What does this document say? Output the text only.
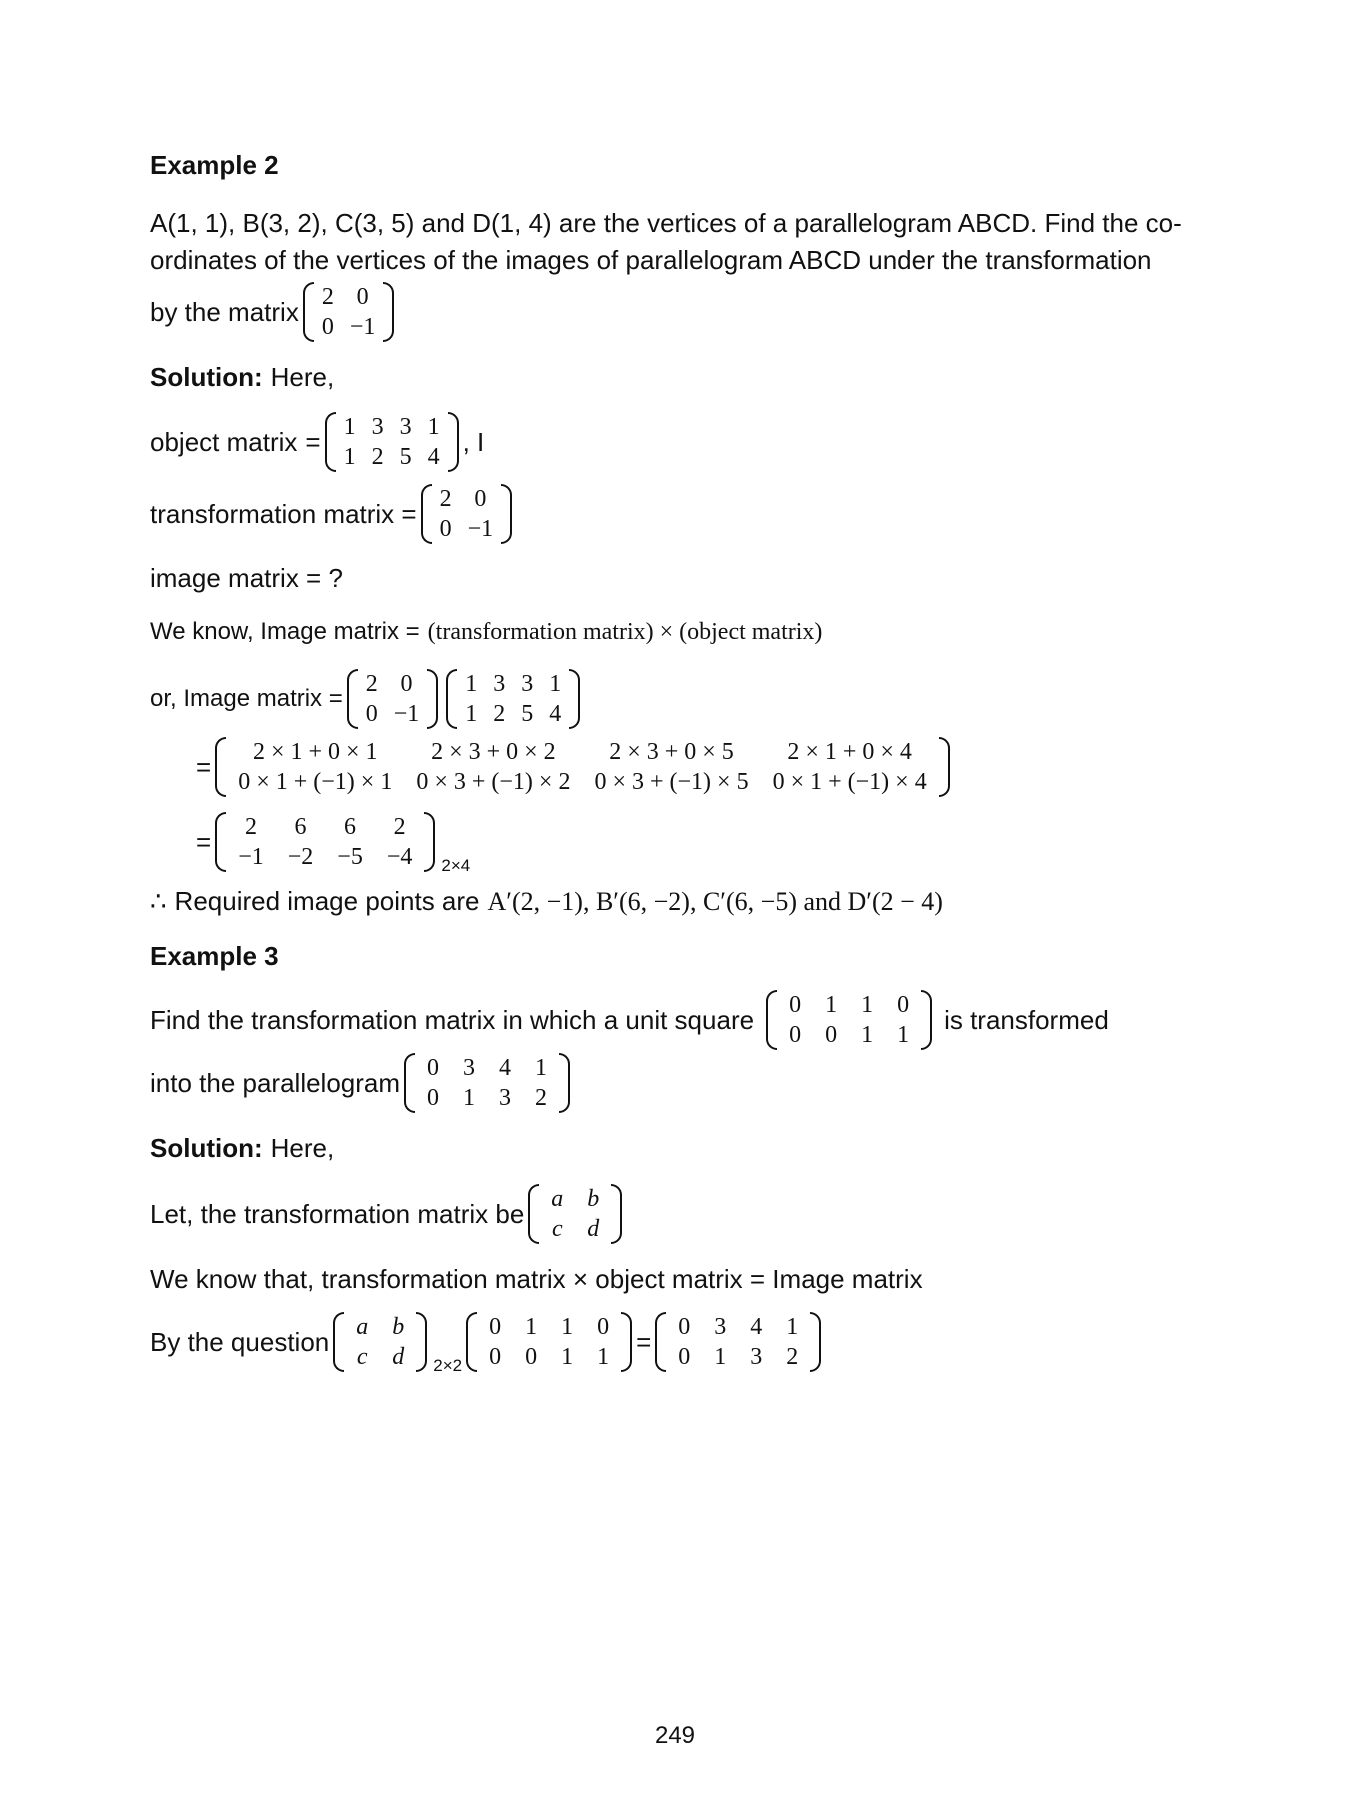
Example 2
A(1, 1), B(3, 2), C(3, 5) and D(1, 4) are the vertices of a parallelogram ABCD. Find the co-
ordinates of the vertices of the images of parallelogram ABCD under the transformation
by the matrix 2	0
0	−1
Solution: Here,
object matrix = 1	3	3	1
1	2	5	4
, I
transformation matrix = 2	0
0	−1
image matrix = ?
We know, Image matrix = (transformation matrix) × (object matrix)
or, Image matrix =
2	0
0	−1
1	3	3	1
1	2	5	4
= 2 × 1 + 0 × 1	2 × 3 + 0 × 2	2 × 3 + 0 × 5	2 × 1 + 0 × 4
0 × 1 + (−1) × 1	0 × 3 + (−1) × 2	0 × 3 + (−1) × 5	0 × 1 + (−1) × 4
= 2	6	6	2
−1	−2	−5	−4 2×4
∴ Required image points are A′(2, −1), B′(6, −2), C′(6, −5) and D′(2 − 4)
Example 3
Find the transformation matrix in which a unit square 0	1	1	0
0	0	1	1
is transformed
into the parallelogram 0	3	4	1
0	1	3	2
Solution: Here,
Let, the transformation matrix be a	b
c	d
We know that, transformation matrix × object matrix = Image matrix
By the question a	b
c	d 2×2
0	1	1	0
0	0	1	1
= 0	3	4	1
0	1	3	2
249
